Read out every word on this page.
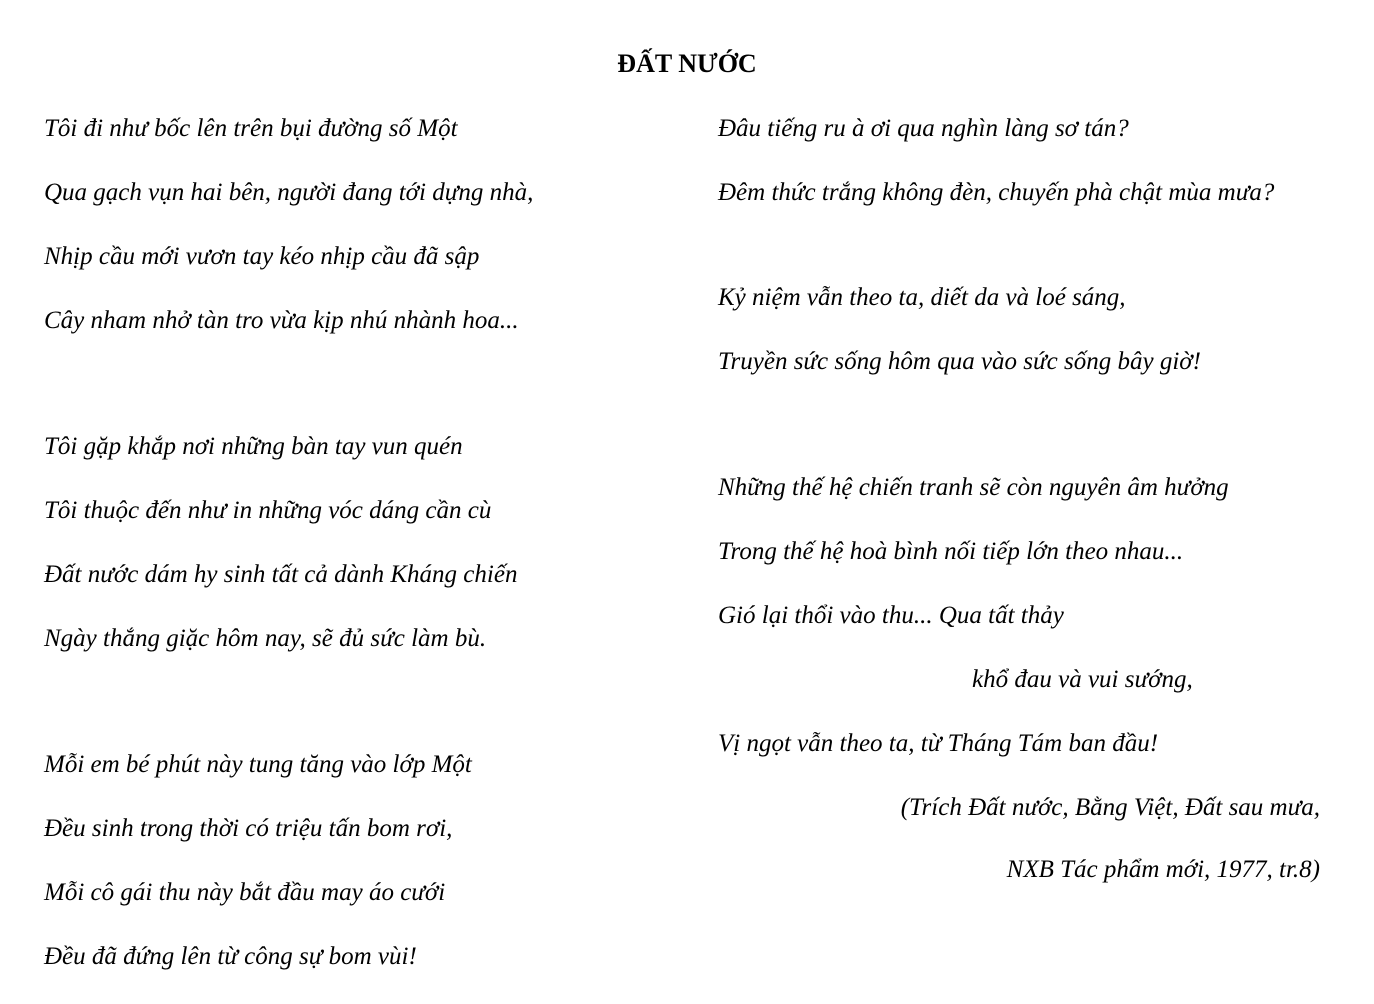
ĐẤT NƯỚC
Tôi đi như bốc lên trên bụi đường số Một
Qua gạch vụn hai bên, người đang tới dựng nhà,
Nhịp cầu mới vươn tay kéo nhịp cầu đã sập
Cây nham nhở tàn tro vừa kịp nhú nhành hoa...
Tôi gặp khắp nơi những bàn tay vun quén
Tôi thuộc đến như in những vóc dáng cần cù
Đất nước dám hy sinh tất cả dành Kháng chiến
Ngày thắng giặc hôm nay, sẽ đủ sức làm bù.
Mỗi em bé phút này tung tăng vào lớp Một
Đều sinh trong thời có triệu tấn bom rơi,
Mỗi cô gái thu này bắt đầu may áo cưới
Đều đã đứng lên từ công sự bom vùi!
Đâu tiếng ru à ơi qua nghìn làng sơ tán?
Đêm thức trắng không đèn, chuyến phà chật mùa mưa?
Kỷ niệm vẫn theo ta, diết da và loé sáng,
Truyền sức sống hôm qua vào sức sống bây giờ!
Những thế hệ chiến tranh sẽ còn nguyên âm hưởng
Trong thế hệ hoà bình nối tiếp lớn theo nhau...
Gió lại thổi vào thu... Qua tất thảy
khổ đau và vui sướng,
Vị ngọt vẫn theo ta, từ Tháng Tám ban đầu!
(Trích Đất nước, Bằng Việt, Đất sau mưa,
NXB Tác phẩm mới, 1977, tr.8)
